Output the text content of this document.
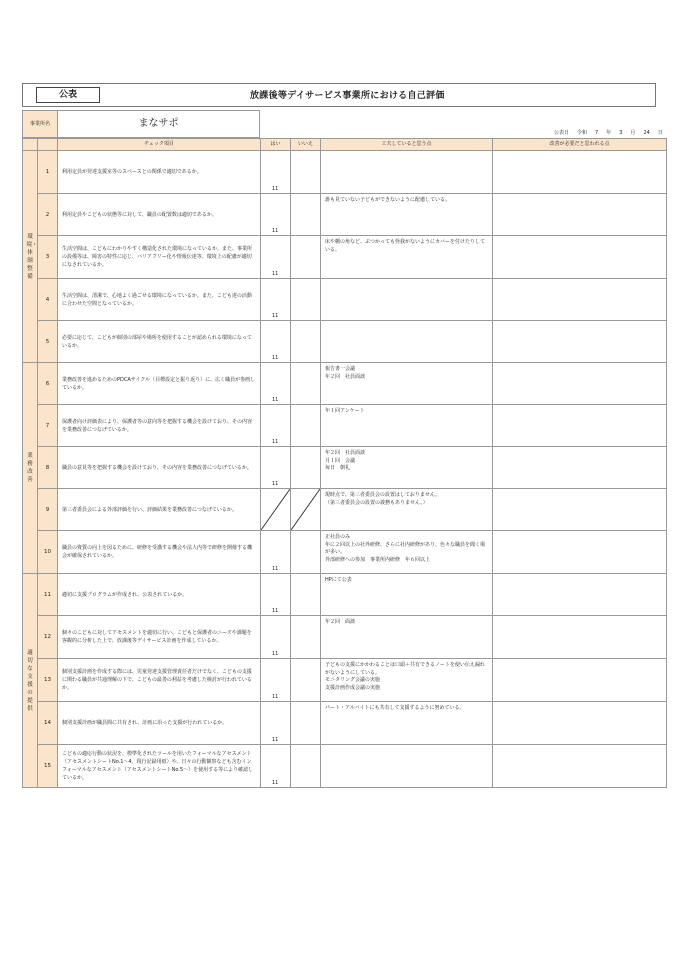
公表	放課後等デイサービス事業所における自己評価
事業所名	まなサポ
公表日 令和 7 年 3 月 24 日
		チェック項目	はい	いいえ	工夫していると思う点	改善が必要だと思われる点

環境・体制整備	1	利用定員が発達支援室等のスペースとの関係で適切であるか。	11			

	2	利用定員やこどもの状態等に対して、職員の配置数は適切であるか。	11		誰も見ていない子どもができないように配慮している。	
	3	生活空間は、こどもにわかりやすく構造化された環境になっているか。また、事業所の設備等は、障害の特性に応じ、バリアフリー化や情報伝達等、環境上の配慮が適切になされているか。	11		床や棚の角など、ぶつかっても怪我がないようにカバーを付けたりしている。	
	4	生活空間は、清潔で、心地よく過ごせる環境になっているか。また、こども達の活動に合わせた空間となっているか。	11			

	5	必要に応じて、こどもが個別の部屋や場所を使用することが認められる環境になっているか。	11			

業務改善	6	業務改善を進めるためのPDCAサイクル（目標設定と振り返り）に、広く職員が参画しているか。	11		報告書一会議
年２回　社員面談	
	7	保護者向け評価表により、保護者等の意向等を把握する機会を設けており、その内容を業務改善につなげているか。	11		年１回アンケート	
	8	職員の意見等を把握する機会を設けており、その内容を業務改善につなげているか。	11		年２回　社員面談
月１回　会議
毎日　朝礼	
	9	第三者委員会による外部評価を行い、評価結果を業務改善につなげているか。			現時点で、第三者委員会の設置はしておりません。
（第三者委員会の設置の義務もありません。）	
	10	職員の資質の向上を図るために、研修を受講する機会や法人内等で研修を開催する機会が確保されているか。	11		正社員のみ
年に２回以上の社外研修、さらに社内研修があり、色々な職員を聞く場が多い。
外部研修への参加　事業所内研修　年６回以上	

適切な支援の提供	11	適切に支援プログラムが作成され、公表されているか。	11		HPにて公表	
	12	個々のこどもに対してアセスメントを適切に行い、こどもと保護者のニーズや課題を客観的に分析した上で、放課後等デイサービス計画を作成しているか。	11		年２回　面談	
	13	個別支援計画を作成する際には、児童発達支援管理責任者だけでなく、こどもの支援に関わる職員が共通理解の下で、こどもの最善の利益を考慮した検討が行われているか。	11		子どもの支援にかかわることは口頭＋共有できるノートを使い伝え漏れがないようにしている。
モニタリング会議の実施
支援計画作成会議の実施	
	14	個別支援計画が職員間に共有され、計画に沿った支援が行われているか。	11		パート・アルバイトにも共有して支援するように努めている。	
	15	こどもの適応行動の状況を、標準化されたツールを用いたフォーマルなアセスメント（アセスメントシートNo.1〜4、現行記録用紙）や、日々の行動観察なども含むインフォーマルなアセスメント（アセスメントシートNo.5〜）を使用する等により確認しているか。	11			
